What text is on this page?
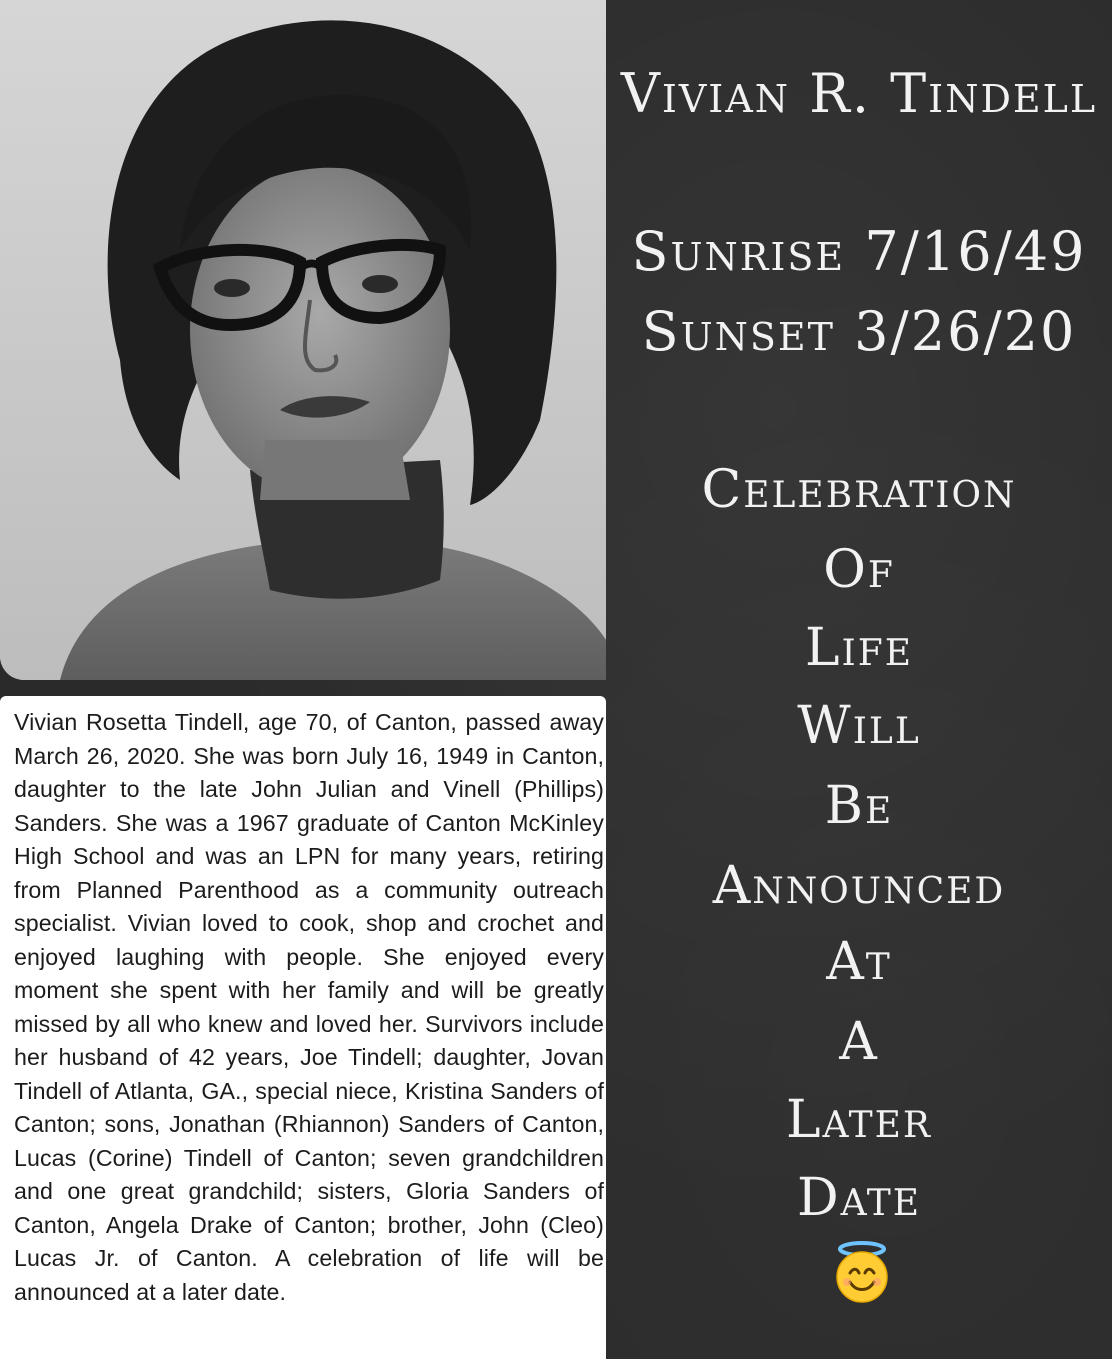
Vivian Rosetta Tindell, age 70, of Canton, passed away March 26, 2020. She was born July 16, 1949 in Canton, daughter to the late John Julian and Vinell (Phillips) Sanders. She was a 1967 graduate of Canton McKinley High School and was an LPN for many years, retiring from Planned Parenthood as a community outreach specialist. Vivian loved to cook, shop and crochet and enjoyed laughing with people. She enjoyed every moment she spent with her family and will be greatly missed by all who knew and loved her. Survivors include her husband of 42 years, Joe Tindell; daughter, Jovan Tindell of Atlanta, GA., special niece, Kristina Sanders of Canton; sons, Jonathan (Rhiannon) Sanders of Canton, Lucas (Corine) Tindell of Canton; seven grandchildren and one great grandchild; sisters, Gloria Sanders of Canton, Angela Drake of Canton; brother, John (Cleo) Lucas Jr. of Canton. A celebration of life will be announced at a later date.

Vivian R. Tindell
Sunrise 7/16/49
Sunset 3/26/20
Celebration
Of
Life
Will
Be
Announced
At
A
Later
Date
